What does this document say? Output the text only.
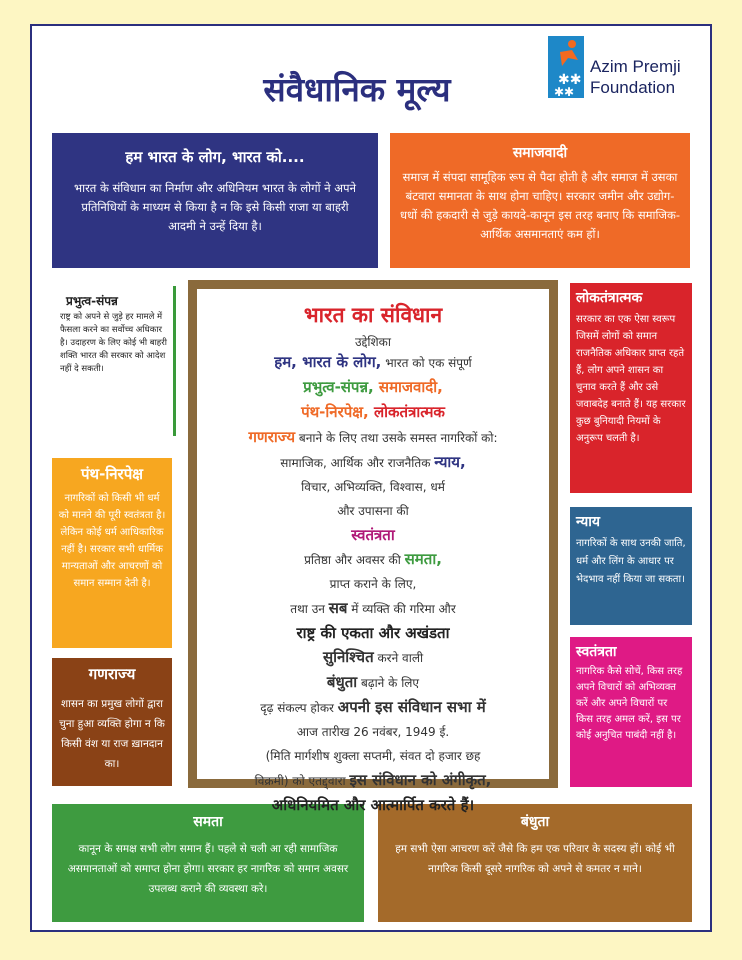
संवैधानिक मूल्य	✱✱
✱✱
Azim Premji
Foundation
हम भारत के लोग, भारत को....

भारत के संविधान का निर्माण और अधिनियम भारत के लोगों ने अपने प्रतिनिधियों के माध्यम से किया है न कि इसे किसी राजा या बाहरी आदमी ने उन्हें दिया है।

समाजवादी

समाज में संपदा सामूहिक रूप से पैदा होती है और समाज में उसका बंटवारा समानता के साथ होना चाहिए। सरकार जमीन और उद्योग-धधों की हकदारी से जुड़े कायदे-कानून इस तरह बनाए कि समाजिक-आर्थिक असमानताएं कम हों।

प्रभुत्व-संपन्न

राष्ट्र को अपने से जुड़े हर मामले में फैसला करने का सर्वोच्च अधिकार है। उदाहरण के लिए कोई भी बाहरी शक्ति भारत की सरकार को आदेश नहीं दे सकती।

पंथ-निरपेक्ष

नागरिकों को किसी भी धर्म को मानने की पूरी स्वतंत्रता है। लेकिन कोई धर्म आधिकारिक नहीं है। सरकार सभी धार्मिक मान्यताओं और आचरणों को समान सम्मान देती है।

गणराज्य

शासन का प्रमुख लोगों द्वारा चुना हुआ व्यक्ति होगा न कि किसी वंश या राज ख़ानदान का।

लोकतंत्रात्मक

सरकार का एक ऐसा स्वरूप जिसमें लोगों को समान राजनैतिक अधिकार प्राप्त रहते हैं, लोग अपने शासन का चुनाव करते हैं और उसे जवाबदेह बनाते हैं। यह सरकार कुछ बुनियादी नियमों के अनुरूप चलती है।

न्याय

नागरिकों के साथ उनकी जाति, धर्म और लिंग के आधार पर भेदभाव नहीं किया जा सकता।

स्वतंत्रता

नागरिक कैसे सोचें, किस तरह अपने विचारों को अभिव्यक्त करें और अपने विचारों पर किस तरह अमल करें, इस पर कोई अनुचित पाबंदी नहीं है।

समता

कानून के समक्ष सभी लोग समान हैं। पहले से चली आ रही सामाजिक असमानताओं को समाप्त होना होगा। सरकार हर नागरिक को समान अवसर उपलब्ध कराने की व्यवस्था करे।

बंधुता

हम सभी ऐसा आचरण करें जैसे कि हम एक परिवार के सदस्य हों। कोई भी नागरिक किसी दूसरे नागरिक को अपने से कमतर न माने।

भारत का संविधान
उद्देशिका
हम, भारत के लोग, भारत को एक संपूर्ण
प्रभुत्व-संपन्न, समाजवादी,
पंथ-निरपेक्ष, लोकतंत्रात्मक
गणराज्य बनाने के लिए तथा उसके समस्त नागरिकों को:
सामाजिक, आर्थिक और राजनैतिक न्याय,
विचार, अभिव्यक्ति, विश्वास, धर्म
और उपासना की
स्वतंत्रता
प्रतिष्ठा और अवसर की समता,
प्राप्त कराने के लिए,
तथा उन सब में व्यक्ति की गरिमा और
राष्ट्र की एकता और अखंडता
सुनिश्चित करने वाली
बंधुता बढ़ाने के लिए
दृढ़ संकल्प होकर अपनी इस संविधान सभा में
आज तारीख 26 नवंबर, 1949 ई.
(मिति मार्गशीष शुक्ला सप्तमी, संवत दो हजार छह
विक्रमी) को एतद्द्वारा इस संविधान को अंगीकृत,
अधिनियमित और आत्मार्पित करते हैं।
